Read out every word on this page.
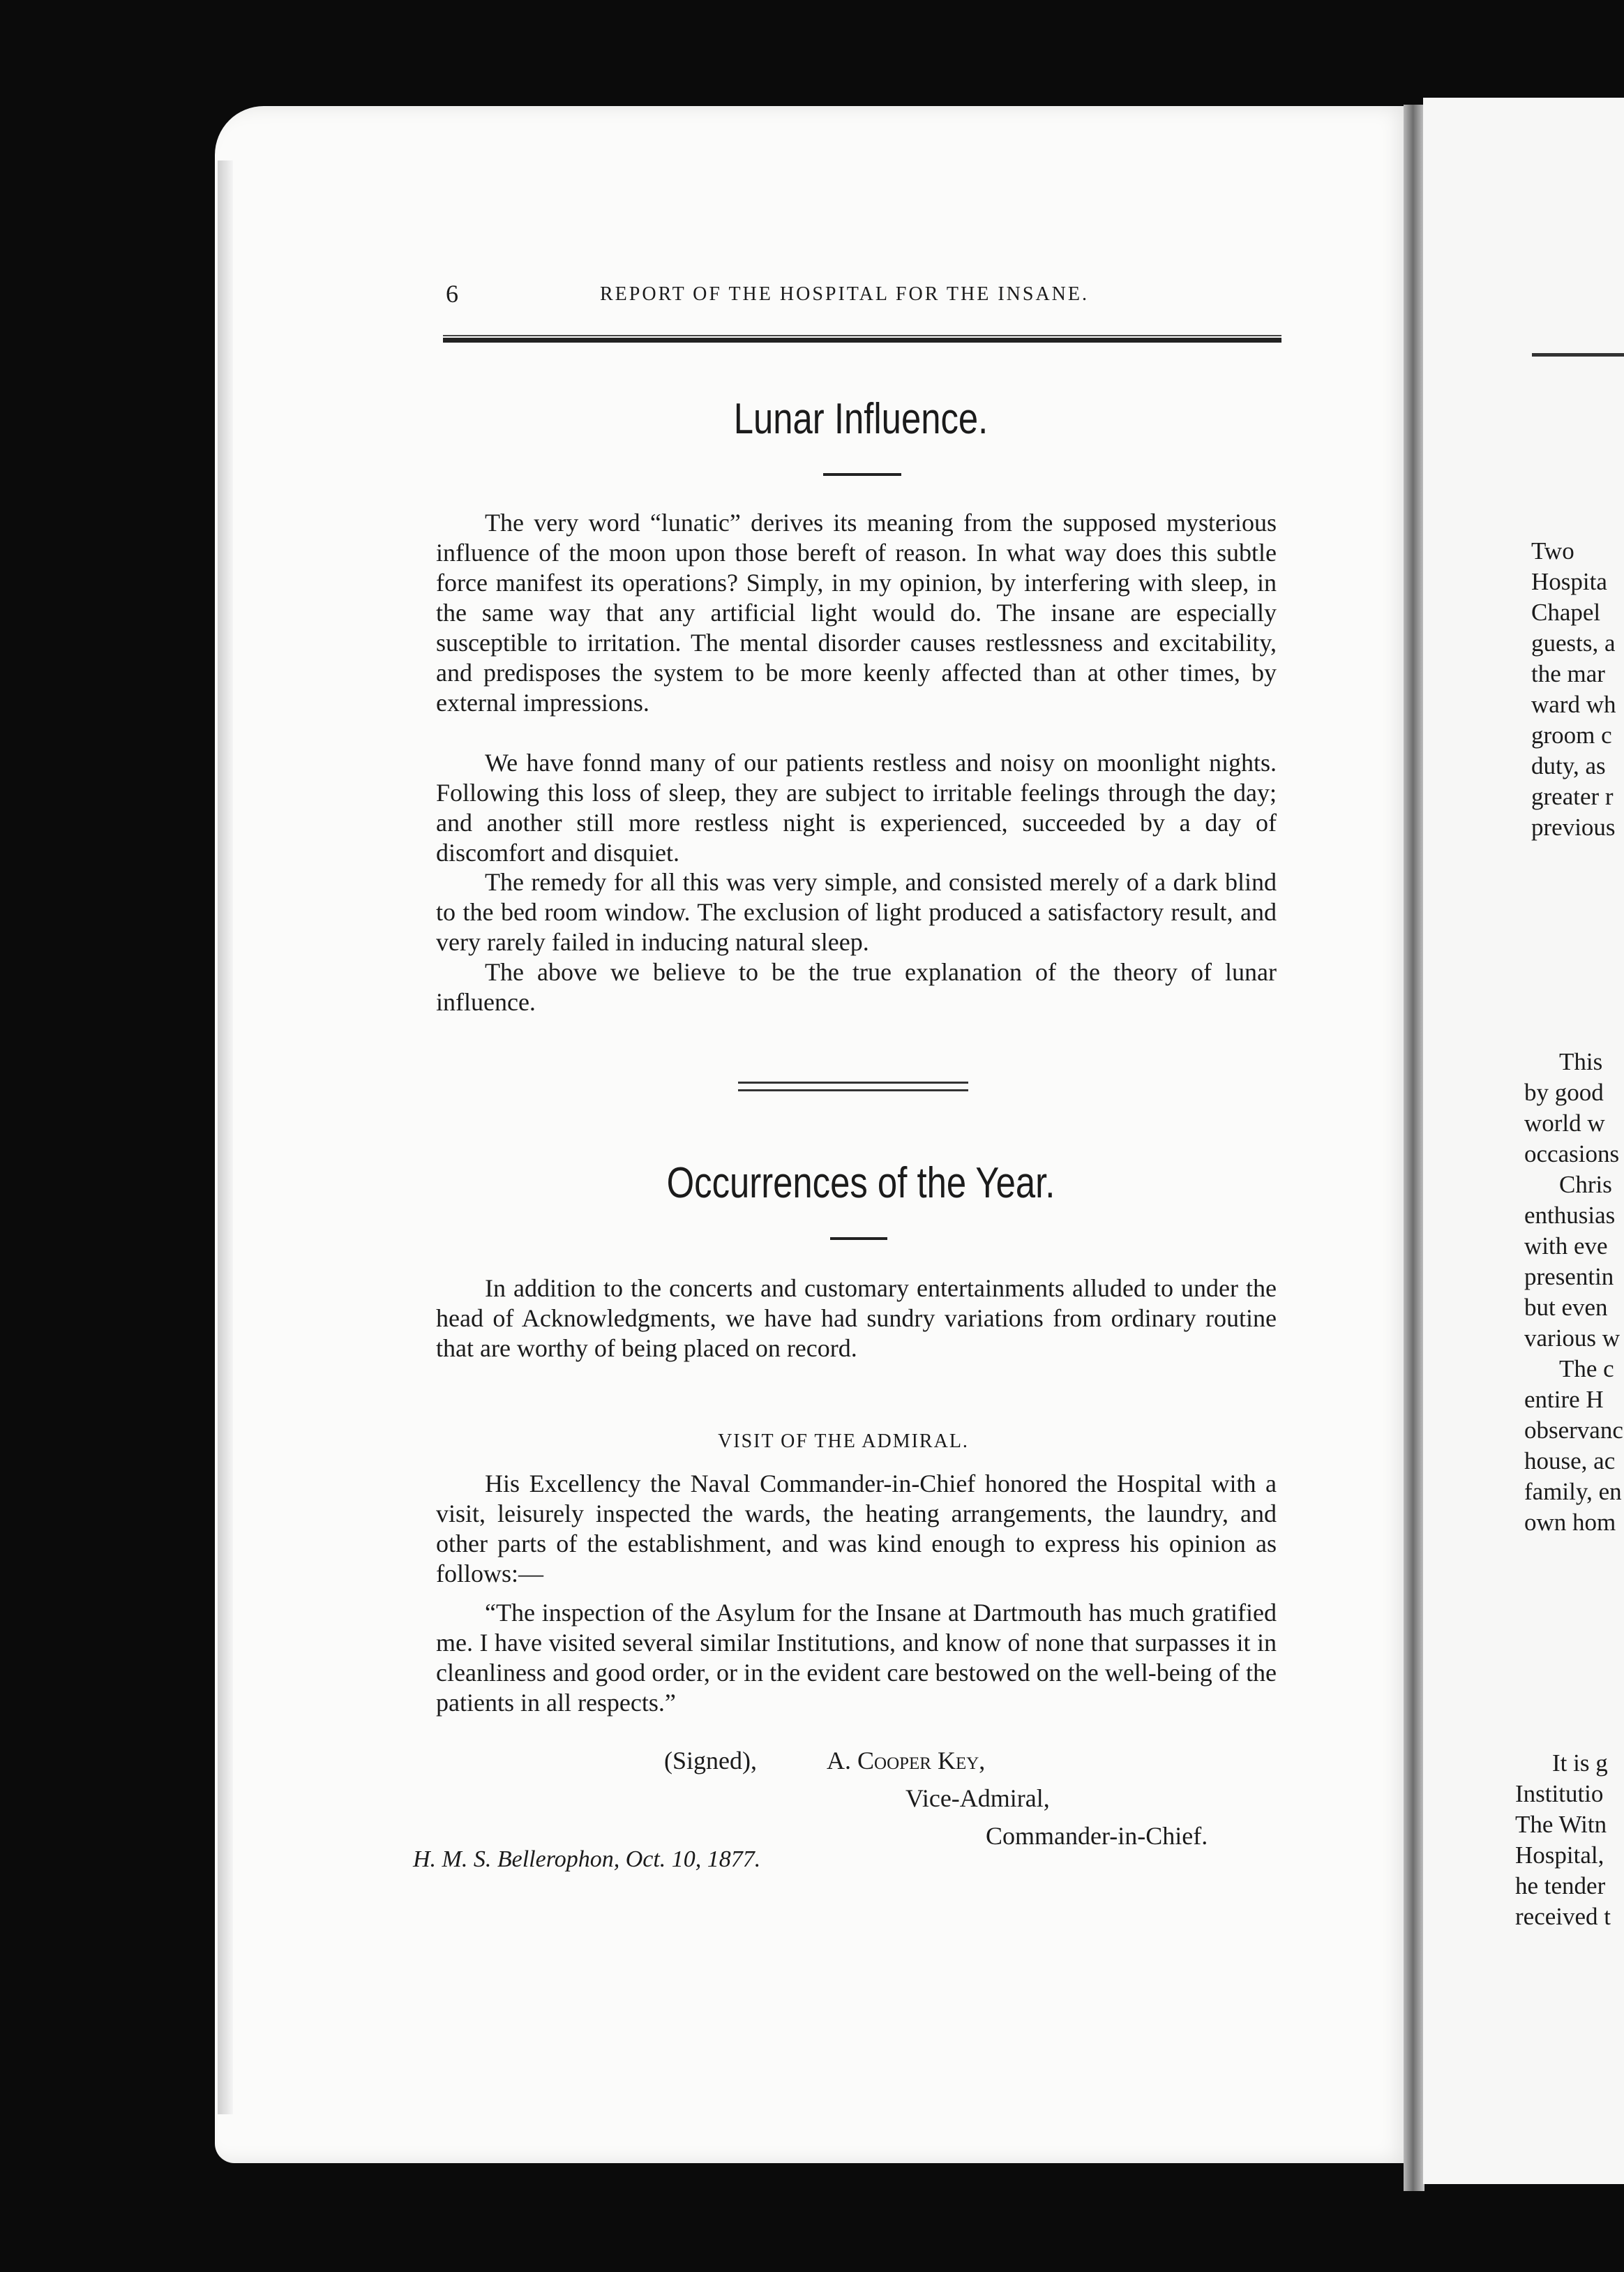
6	REPORT OF THE HOSPITAL FOR THE INSANE.
Lunar Influence.

The very word “lunatic” derives its meaning from the supposed mysterious influence of the moon upon those bereft of reason. In what way does this subtle force manifest its operations? Simply, in my opinion, by interfering with sleep, in the same way that any artificial light would do. The insane are especially susceptible to irritation. The mental disorder causes restlessness and excitability, and predisposes the system to be more keenly affected than at other times, by external impressions.

We have fonnd many of our patients restless and noisy on moonlight nights. Following this loss of sleep, they are subject to irritable feelings through the day; and another still more restless night is experienced, succeeded by a day of discomfort and disquiet.

The remedy for all this was very simple, and consisted merely of a dark blind to the bed room window. The exclusion of light produced a satisfactory result, and very rarely failed in inducing natural sleep.

The above we believe to be the true explanation of the theory of lunar influence.

Occurrences of the Year.

In addition to the concerts and customary entertainments alluded to under the head of Acknowledgments, we have had sundry variations from ordinary routine that are worthy of being placed on record.

VISIT OF THE ADMIRAL.

His Excellency the Naval Commander-in-Chief honored the Hospital with a visit, leisurely inspected the wards, the heating arrangements, the laundry, and other parts of the establishment, and was kind enough to express his opinion as follows:—

“The inspection of the Asylum for the Insane at Dartmouth has much gratified me. I have visited several similar Institutions, and know of none that surpasses it in cleanliness and good order, or in the evident care bestowed on the well-being of the patients in all respects.”

(Signed),	A. Cooper Key,
Vice-Admiral,
Commander-in-Chief.
H. M. S. Bellerophon, Oct. 10, 1877.
Two
Hospita
Chapel
guests, a
the mar
ward wh
groom c
duty, as
greater r
previous
This
by good
world w
occasions
Chris
enthusias
with eve
presentin
but even
various w
The c
entire H
observanc
house, ac
family, en
own hom
It is g
Institutio
The Witn
Hospital,
he tender
received t
